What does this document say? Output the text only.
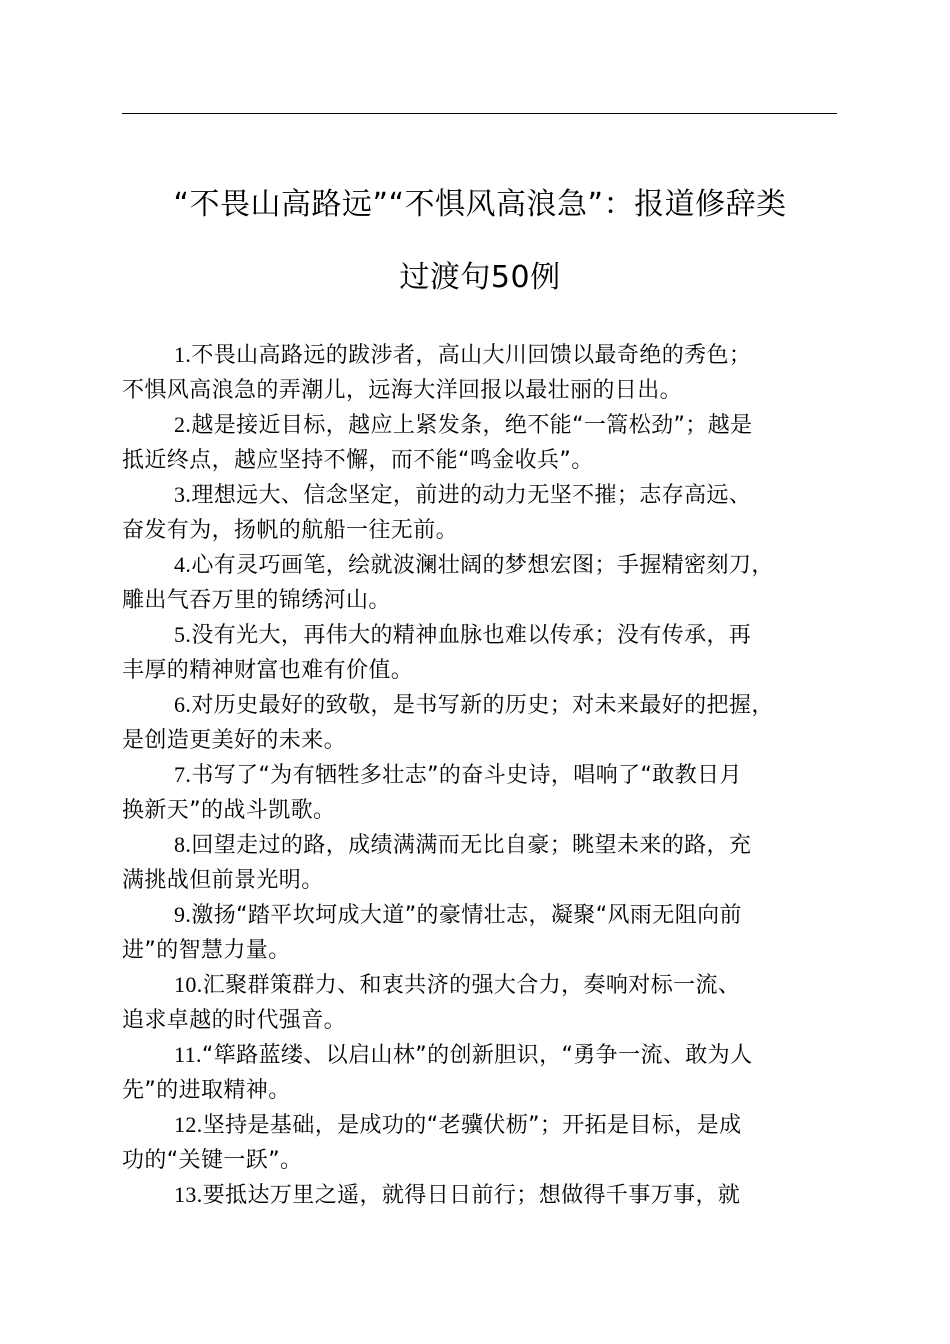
“不畏山高路远”“不惧风高浪急”：报道修辞类
过渡句50例

1.不畏山高路远的跋涉者，高山大川回馈以最奇绝的秀色；
不惧风高浪急的弄潮儿，远海大洋回报以最壮丽的日出。

2.越是接近目标，越应上紧发条，绝不能“一篙松劲”；越是
抵近终点，越应坚持不懈，而不能“鸣金收兵”。

3.理想远大、信念坚定，前进的动力无坚不摧；志存高远、
奋发有为，扬帆的航船一往无前。

4.心有灵巧画笔，绘就波澜壮阔的梦想宏图；手握精密刻刀，
雕出气吞万里的锦绣河山。

5.没有光大，再伟大的精神血脉也难以传承；没有传承，再
丰厚的精神财富也难有价值。

6.对历史最好的致敬，是书写新的历史；对未来最好的把握，
是创造更美好的未来。

7.书写了“为有牺牲多壮志”的奋斗史诗，唱响了“敢教日月
换新天”的战斗凯歌。

8.回望走过的路，成绩满满而无比自豪；眺望未来的路，充
满挑战但前景光明。

9.激扬“踏平坎坷成大道”的豪情壮志，凝聚“风雨无阻向前
进”的智慧力量。

10.汇聚群策群力、和衷共济的强大合力，奏响对标一流、
追求卓越的时代强音。

11.“筚路蓝缕、以启山林”的创新胆识，“勇争一流、敢为人
先”的进取精神。

12.坚持是基础，是成功的“老骥伏枥”；开拓是目标，是成
功的“关键一跃”。

13.要抵达万里之遥，就得日日前行；想做得千事万事，就
